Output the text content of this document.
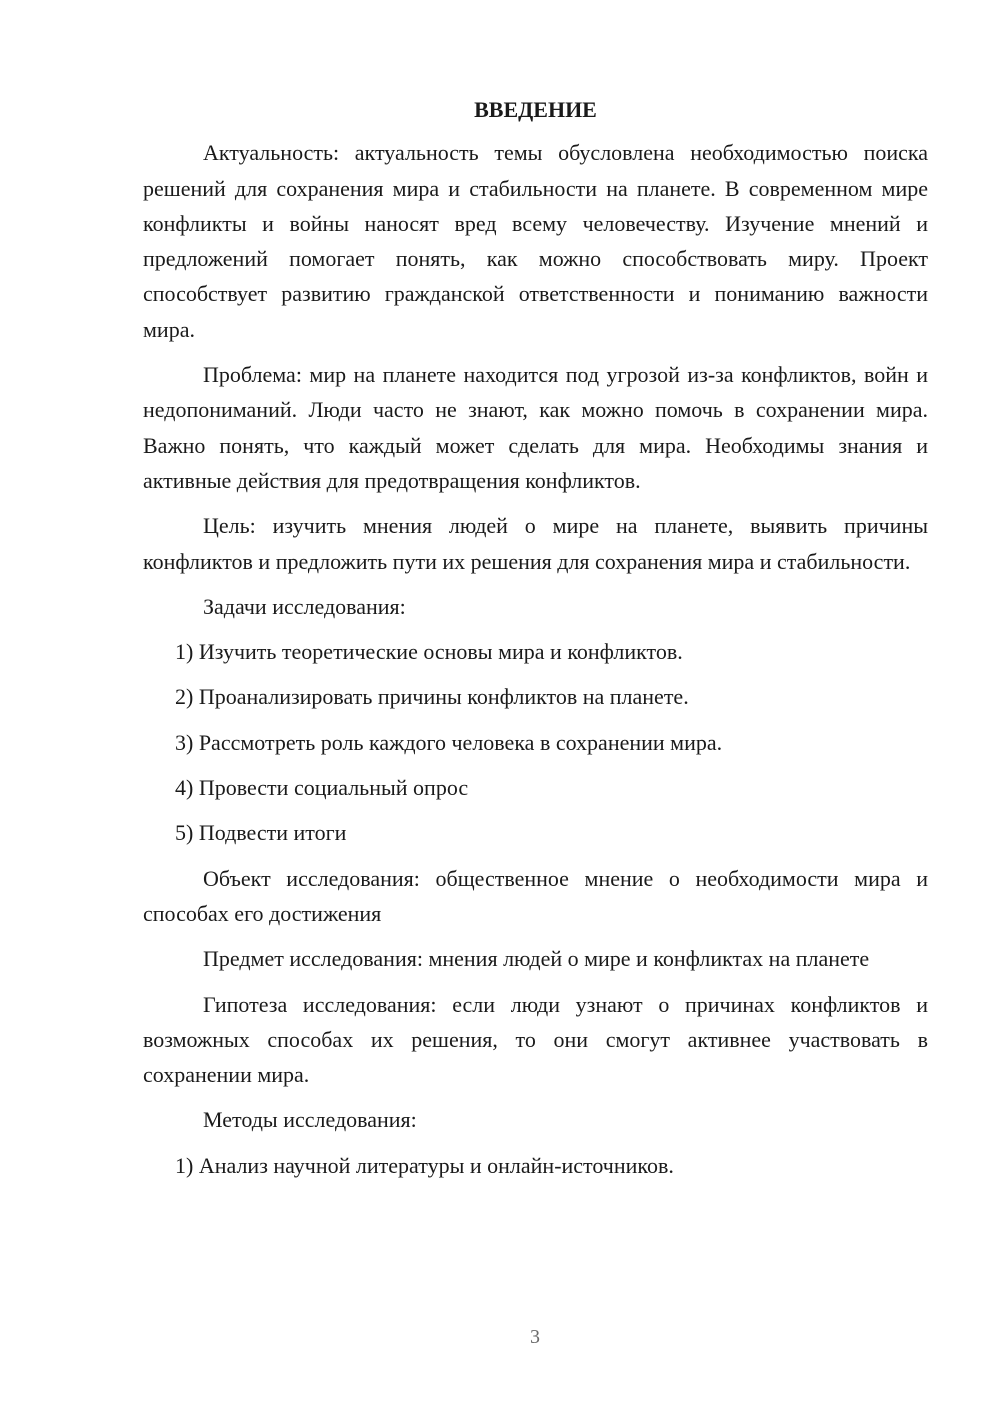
ВВЕДЕНИЕ

Актуальность: актуальность темы обусловлена необходимостью поиска решений для сохранения мира и стабильности на планете. В современном мире конфликты и войны наносят вред всему человечеству. Изучение мнений и предложений помогает понять, как можно способствовать миру. Проект способствует развитию гражданской ответственности и пониманию важности мира.

Проблема: мир на планете находится под угрозой из-за конфликтов, войн и недопониманий. Люди часто не знают, как можно помочь в сохранении мира. Важно понять, что каждый может сделать для мира. Необходимы знания и активные действия для предотвращения конфликтов.

Цель: изучить мнения людей о мире на планете, выявить причины конфликтов и предложить пути их решения для сохранения мира и стабильности.

Задачи исследования:

1) Изучить теоретические основы мира и конфликтов.
2) Проанализировать причины конфликтов на планете.
3) Рассмотреть роль каждого человека в сохранении мира.
4) Провести социальный опрос
5) Подвести итоги

Объект исследования: общественное мнение о необходимости мира и способах его достижения

Предмет исследования: мнения людей о мире и конфликтах на планете

Гипотеза исследования: если люди узнают о причинах конфликтов и возможных способах их решения, то они смогут активнее участвовать в сохранении мира.

Методы исследования:

1) Анализ научной литературы и онлайн-источников.
3
